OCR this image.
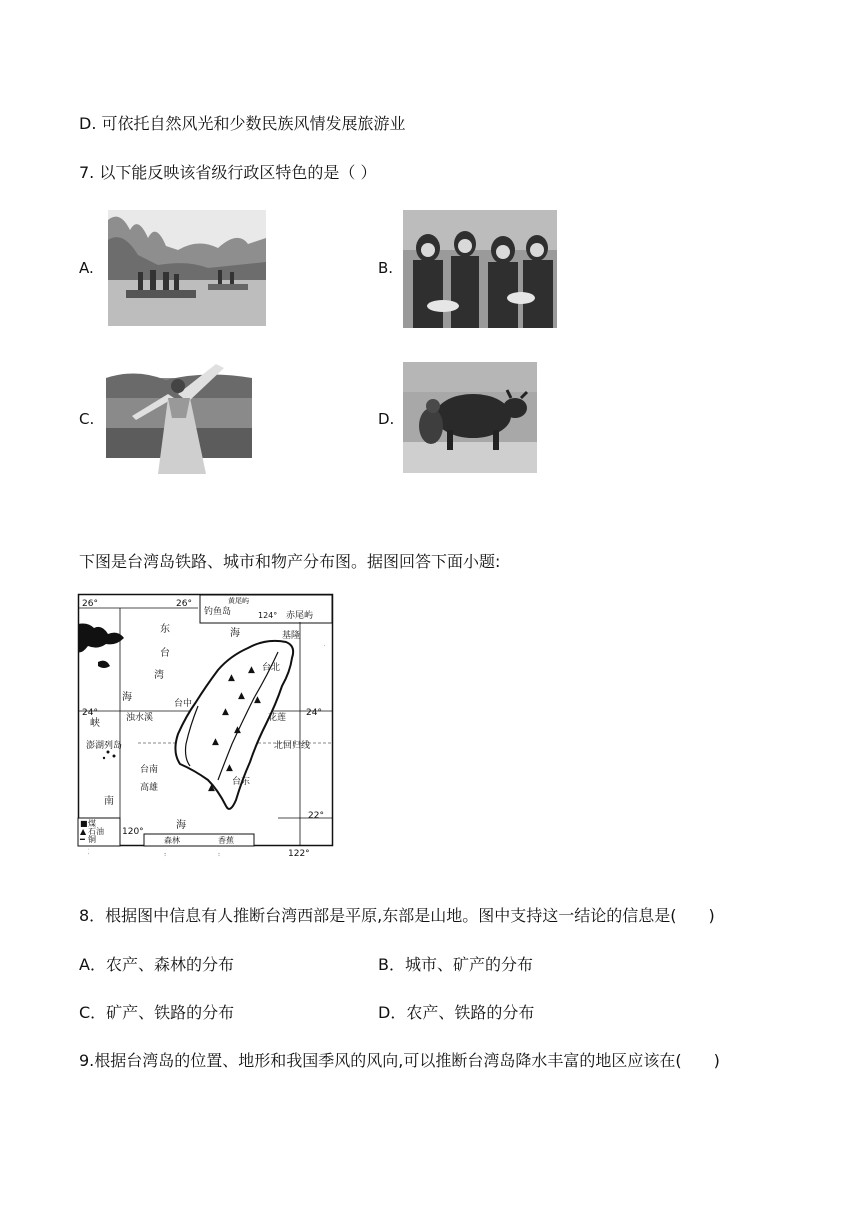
D. 可依托自然风光和少数民族风情发展旅游业
7. 以下能反映该省级行政区特色的是（ ）
A.	B.
C.	D.
下图是台湾岛铁路、城市和物产分布图。据图回答下面小题:
▲
▲
▲
▲
▲
▲
▲
▲
▲
26°	26°	黄尾屿
钓鱼岛	124° 赤尾屿
24°	24°
22°
120°
122°
东
台
湾
海
峡
海
南
海
海
基隆
台北
台中
浊水溪	花莲
北回归线
澎湖列岛
台南
台东
高雄
■ 煤
▲ 石油
━ 铜
金
硫
森林
水稻
甘蔗
香蕉
菠萝
茶叶
8．根据图中信息有人推断台湾西部是平原,东部是山地。图中支持这一结论的信息是(　　)
A．农产、森林的分布	B．城市、矿产的分布
C．矿产、铁路的分布	D．农产、铁路的分布
9.根据台湾岛的位置、地形和我国季风的风向,可以推断台湾岛降水丰富的地区应该在(　　)
